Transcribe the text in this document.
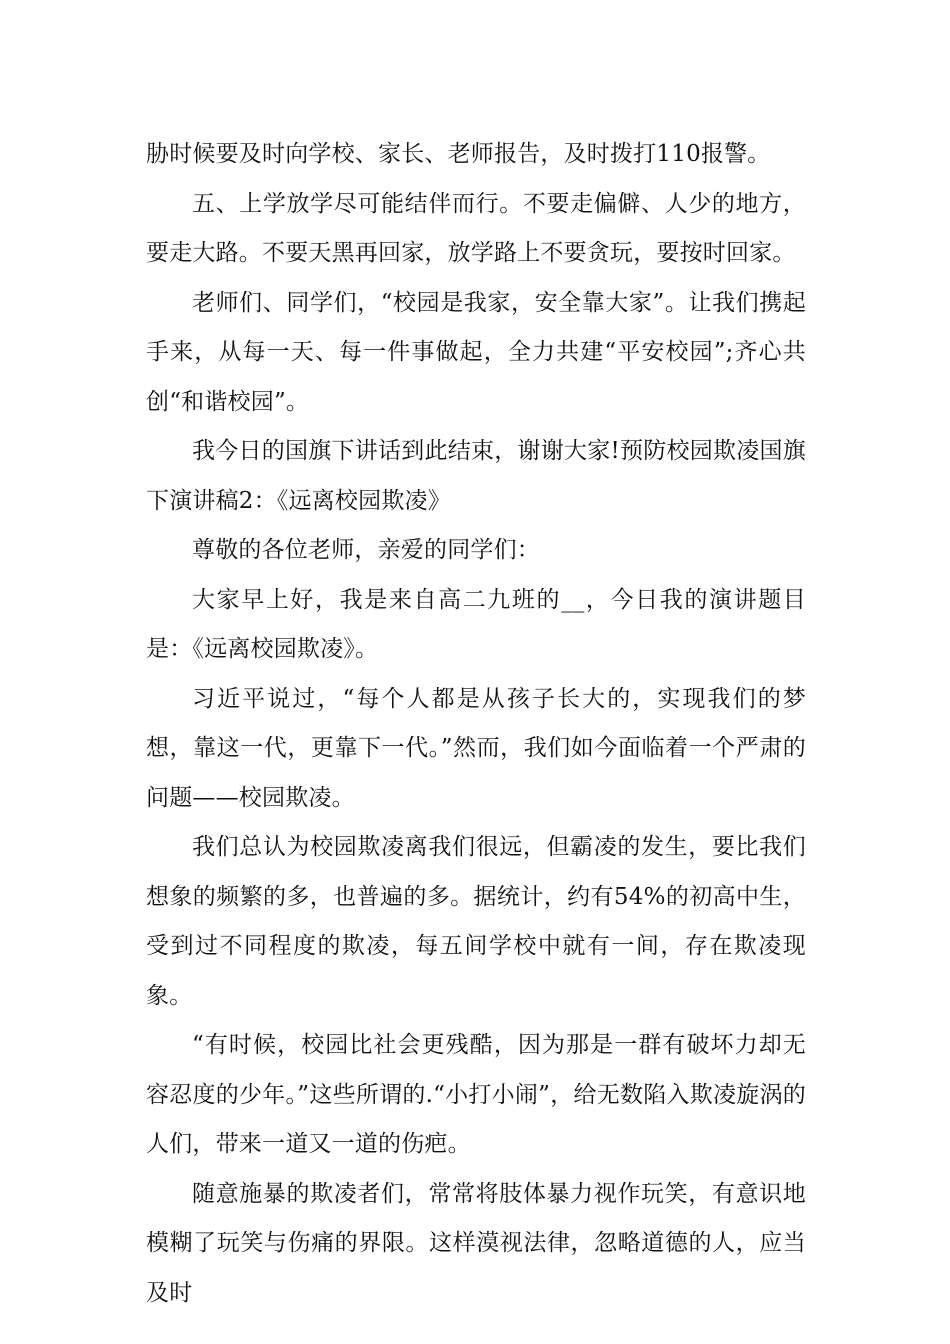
胁时候要及时向学校、家长、老师报告，及时拨打110报警。

五、上学放学尽可能结伴而行。不要走偏僻、人少的地方，要走大路。不要天黑再回家，放学路上不要贪玩，要按时回家。

老师们、同学们，“校园是我家，安全靠大家”。让我们携起手来，从每一天、每一件事做起，全力共建“平安校园”;齐心共创“和谐校园”。

我今日的国旗下讲话到此结束，谢谢大家!预防校园欺凌国旗下演讲稿2：《远离校园欺凌》

尊敬的各位老师，亲爱的同学们：

大家早上好，我是来自高二九班的__，今日我的演讲题目是：《远离校园欺凌》。

习近平说过，“每个人都是从孩子长大的，实现我们的梦想，靠这一代，更靠下一代。”然而，我们如今面临着一个严肃的问题——校园欺凌。

我们总认为校园欺凌离我们很远，但霸凌的发生，要比我们想象的频繁的多，也普遍的多。据统计，约有54%的初高中生，受到过不同程度的欺凌，每五间学校中就有一间，存在欺凌现象。

“有时候，校园比社会更残酷，因为那是一群有破坏力却无容忍度的少年。”这些所谓的.“小打小闹”，给无数陷入欺凌旋涡的人们，带来一道又一道的伤疤。

随意施暴的欺凌者们，常常将肢体暴力视作玩笑，有意识地模糊了玩笑与伤痛的界限。这样漠视法律，忽略道德的人，应当及时
